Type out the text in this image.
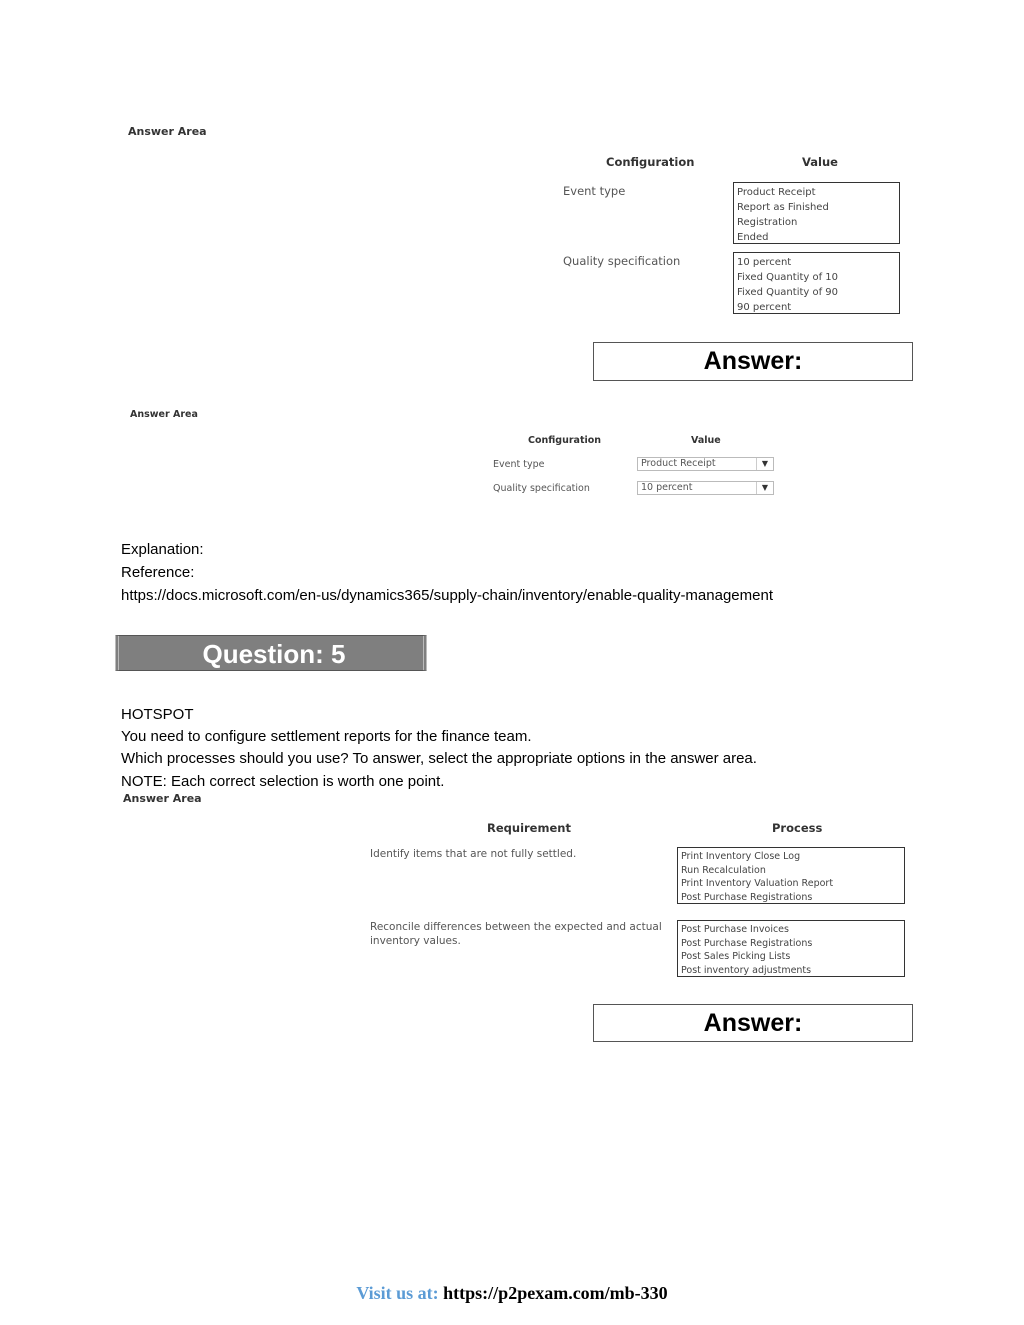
Answer Area
Configuration	Value
Event type	Product Receipt
Report as Finished
Registration
Ended
Quality specification	10 percent
Fixed Quantity of 10
Fixed Quantity of 90
90 percent
Answer:
Answer Area
Configuration	Value
Event type	Product Receipt	▼
Quality specification	10 percent	▼
Explanation:
Reference:
https://docs.microsoft.com/en-us/dynamics365/supply-chain/inventory/enable-quality-management
Question: 5
HOTSPOT
You need to configure settlement reports for the finance team.
Which processes should you use? To answer, select the appropriate options in the answer area.
NOTE: Each correct selection is worth one point.
Answer Area
Requirement	Process
Identify items that are not fully settled.	Print Inventory Close Log
Run Recalculation
Print Inventory Valuation Report
Post Purchase Registrations
Reconcile differences between the expected and actual
inventory values.
Post Purchase Invoices
Post Purchase Registrations
Post Sales Picking Lists
Post inventory adjustments
Answer:
Visit us at: https://p2pexam.com/mb-330
